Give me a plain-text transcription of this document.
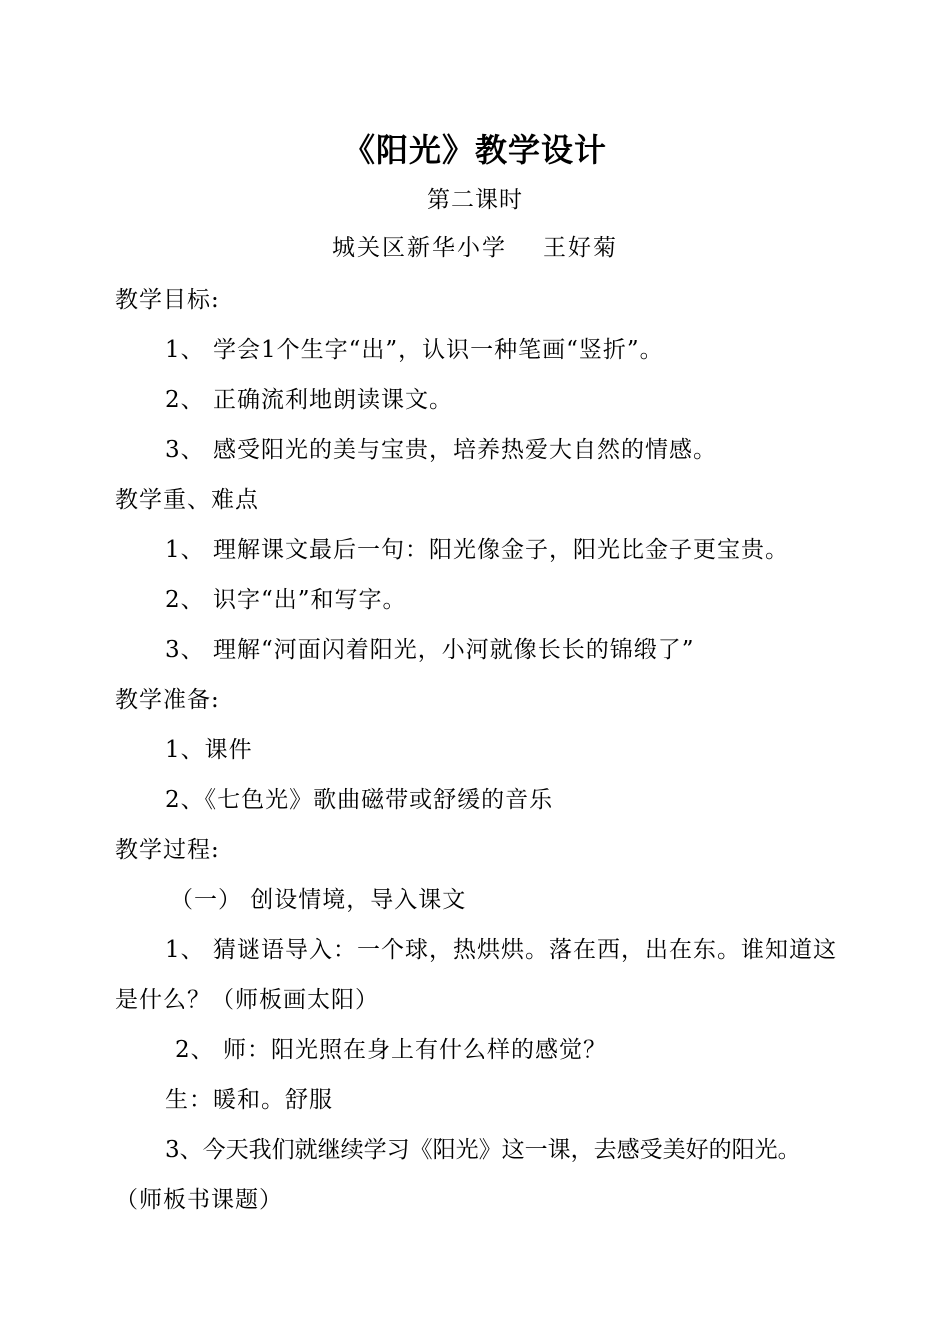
《阳光》教学设计
第二课时
城关区新华小学 王好菊
教学目标:
1、 学会1个生字“出”，认识一种笔画“竖折”。
2、 正确流利地朗读课文。
3、 感受阳光的美与宝贵，培养热爱大自然的情感。
教学重、难点
1、 理解课文最后一句：阳光像金子，阳光比金子更宝贵。
2、 识字“出”和写字。
3、 理解“河面闪着阳光，小河就像长长的锦缎了”
教学准备:
1、课件
2、《七色光》歌曲磁带或舒缓的音乐
教学过程:
（一） 创设情境，导入课文
1、 猜谜语导入：一个球，热烘烘。落在西，出在东。谁知道这
是什么？（师板画太阳）
2、 师：阳光照在身上有什么样的感觉？
生：暖和。舒服
3、今天我们就继续学习《阳光》这一课，去感受美好的阳光。
（师板书课题）
